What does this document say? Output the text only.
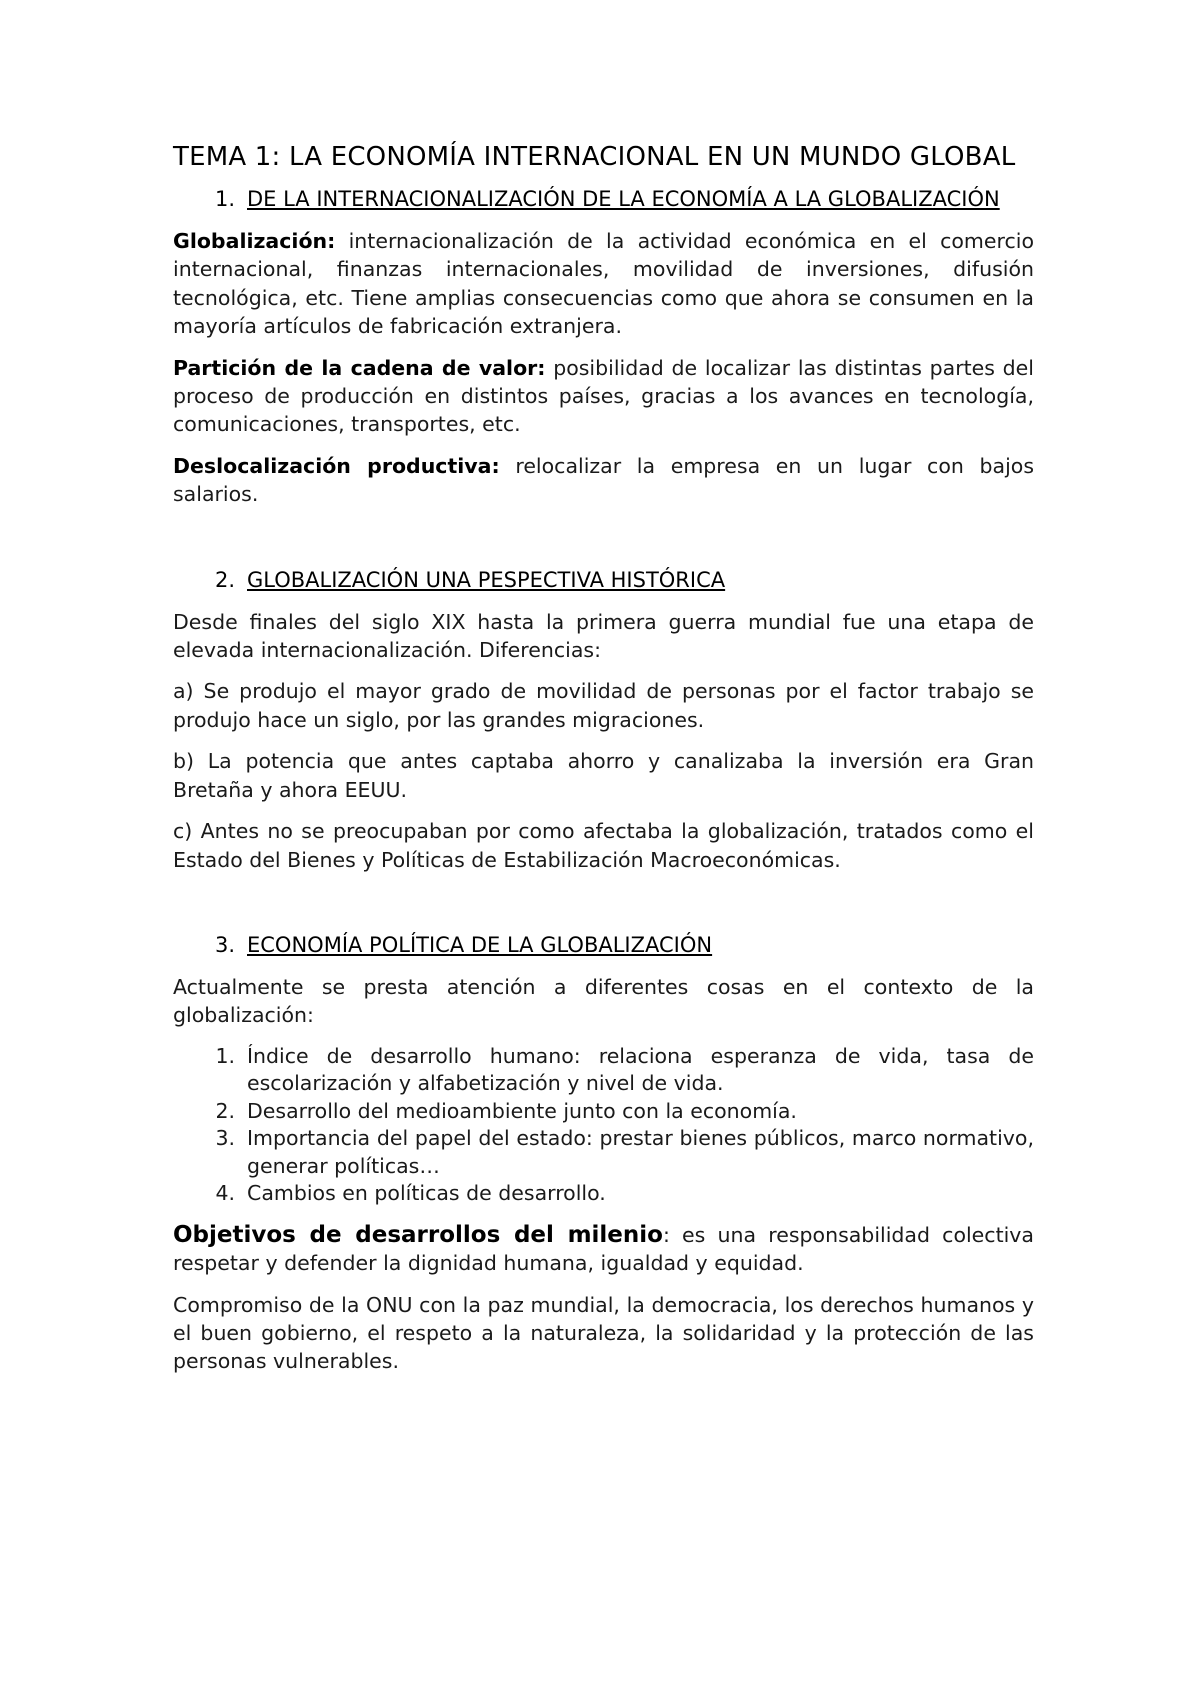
TEMA 1: LA ECONOMÍA INTERNACIONAL EN UN MUNDO GLOBAL
1. DE LA INTERNACIONALIZACIÓN DE LA ECONOMÍA A LA GLOBALIZACIÓN

Globalización: internacionalización de la actividad económica en el comercio internacional, finanzas internacionales, movilidad de inversiones, difusión tecnológica, etc. Tiene amplias consecuencias como que ahora se consumen en la mayoría artículos de fabricación extranjera.

Partición de la cadena de valor: posibilidad de localizar las distintas partes del proceso de producción en distintos países, gracias a los avances en tecnología, comunicaciones, transportes, etc.

Deslocalización productiva: relocalizar la empresa en un lugar con bajos salarios.

2. GLOBALIZACIÓN UNA PESPECTIVA HISTÓRICA

Desde finales del siglo XIX hasta la primera guerra mundial fue una etapa de elevada internacionalización. Diferencias:

a) Se produjo el mayor grado de movilidad de personas por el factor trabajo se produjo hace un siglo, por las grandes migraciones.

b) La potencia que antes captaba ahorro y canalizaba la inversión era Gran Bretaña y ahora EEUU.

c) Antes no se preocupaban por como afectaba la globalización, tratados como el Estado del Bienes y Políticas de Estabilización Macroeconómicas.

3. ECONOMÍA POLÍTICA DE LA GLOBALIZACIÓN

Actualmente se presta atención a diferentes cosas en el contexto de la globalización:

1. Índice de desarrollo humano: relaciona esperanza de vida, tasa de escolarización y alfabetización y nivel de vida.
2. Desarrollo del medioambiente junto con la economía.
3. Importancia del papel del estado: prestar bienes públicos, marco normativo, generar políticas…
4. Cambios en políticas de desarrollo.

Objetivos de desarrollos del milenio: es una responsabilidad colectiva respetar y defender la dignidad humana, igualdad y equidad.

Compromiso de la ONU con la paz mundial, la democracia, los derechos humanos y el buen gobierno, el respeto a la naturaleza, la solidaridad y la protección de las personas vulnerables.
